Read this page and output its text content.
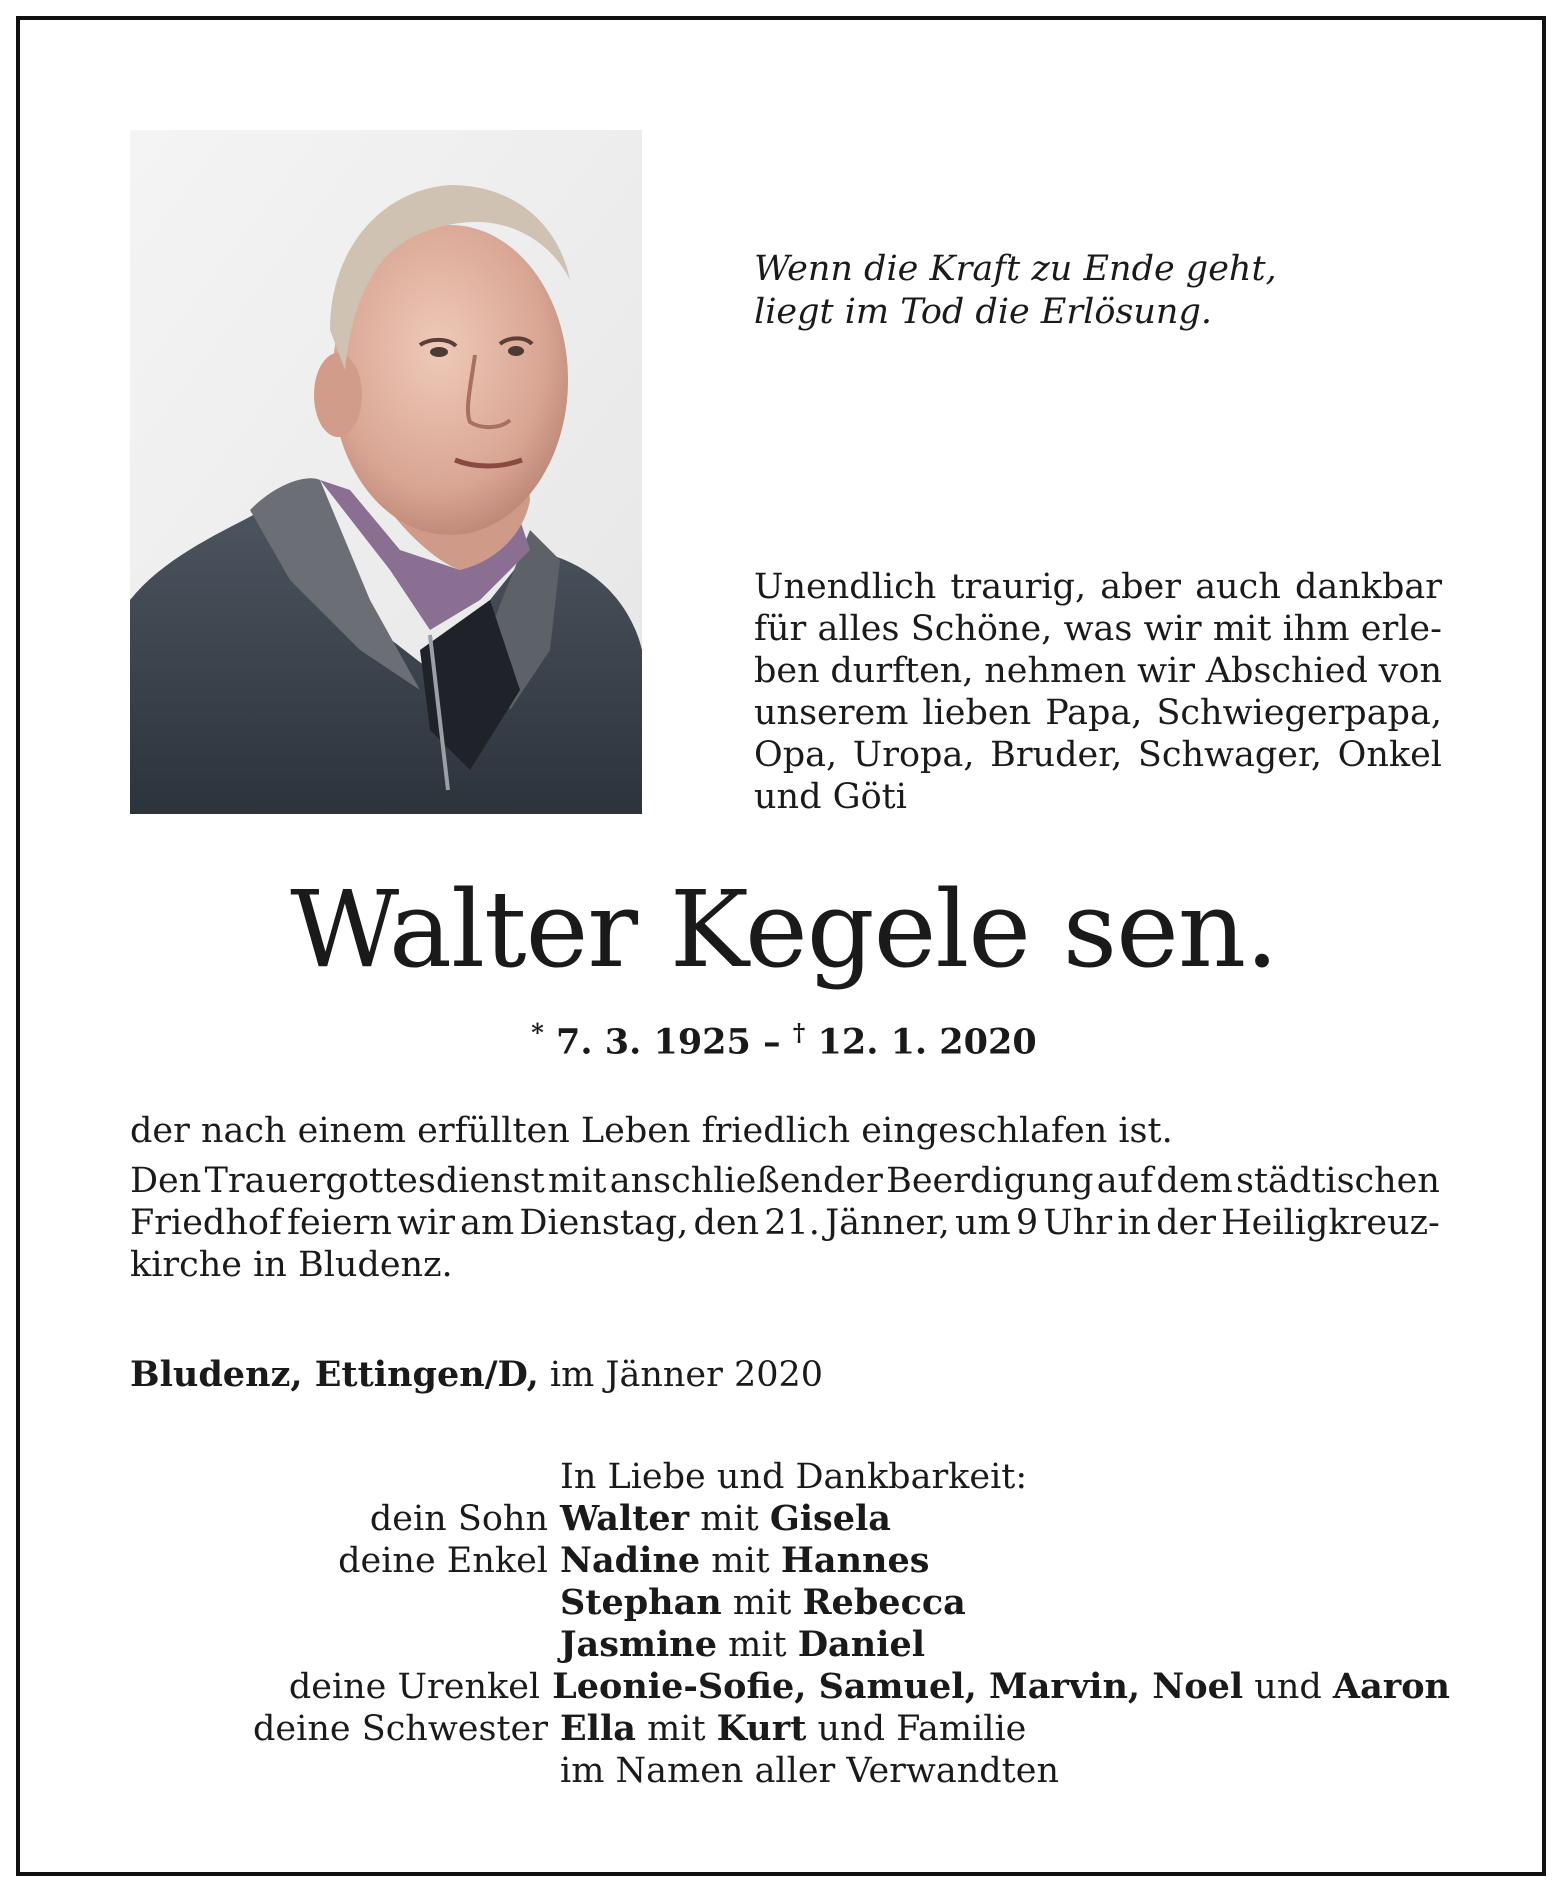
Wenn die Kraft zu Ende geht,
liegt im Tod die Erlösung.
Unendlich traurig, aber auch dankbar
für alles Schöne, was wir mit ihm erle-
ben durften, nehmen wir Abschied von
unserem lieben Papa, Schwiegerpapa,
Opa, Uropa, Bruder, Schwager, Onkel
und Göti
Walter Kegele sen.
* 7. 3. 1925 – † 12. 1. 2020
der nach einem erfüllten Leben friedlich eingeschlafen ist.
Den Trauergottesdienst mit anschließender Beerdigung auf dem städtischen
Friedhof feiern wir am Dienstag, den 21. Jänner, um 9 Uhr in der Heiligkreuz-
kirche in Bludenz.
Bludenz, Ettingen/D, im Jänner 2020
In Liebe und Dankbarkeit:
dein Sohn Walter mit Gisela
deine Enkel Nadine mit Hannes
Stephan mit Rebecca
Jasmine mit Daniel
deine Urenkel Leonie-Sofie, Samuel, Marvin, Noel und Aaron
deine Schwester Ella mit Kurt und Familie
im Namen aller Verwandten
